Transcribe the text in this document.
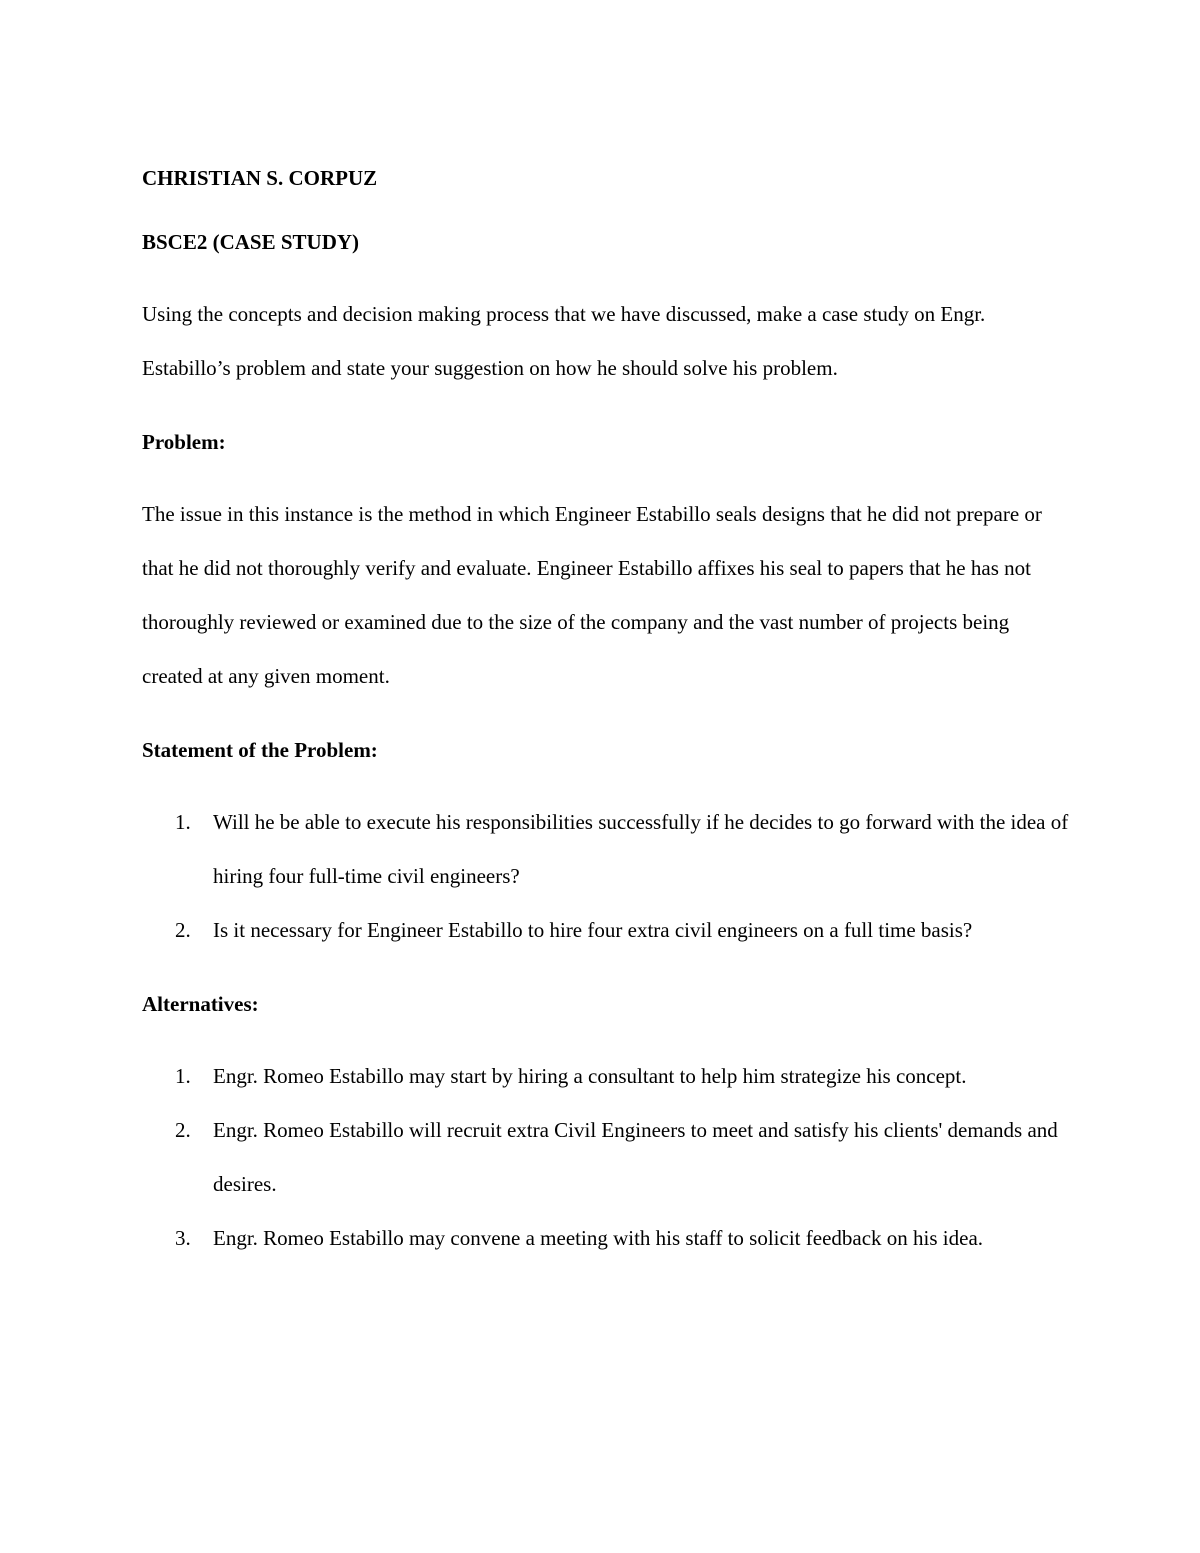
CHRISTIAN S. CORPUZ

BSCE2 (CASE STUDY)

Using the concepts and decision making process that we have discussed, make a case study on Engr. Estabillo’s problem and state your suggestion on how he should solve his problem.

Problem:

The issue in this instance is the method in which Engineer Estabillo seals designs that he did not prepare or that he did not thoroughly verify and evaluate. Engineer Estabillo affixes his seal to papers that he has not thoroughly reviewed or examined due to the size of the company and the vast number of projects being created at any given moment.

Statement of the Problem:

1. Will he be able to execute his responsibilities successfully if he decides to go forward with the idea of hiring four full-time civil engineers?
2. Is it necessary for Engineer Estabillo to hire four extra civil engineers on a full time basis?

Alternatives:

1. Engr. Romeo Estabillo may start by hiring a consultant to help him strategize his concept.
2. Engr. Romeo Estabillo will recruit extra Civil Engineers to meet and satisfy his clients' demands and desires.
3. Engr. Romeo Estabillo may convene a meeting with his staff to solicit feedback on his idea.
